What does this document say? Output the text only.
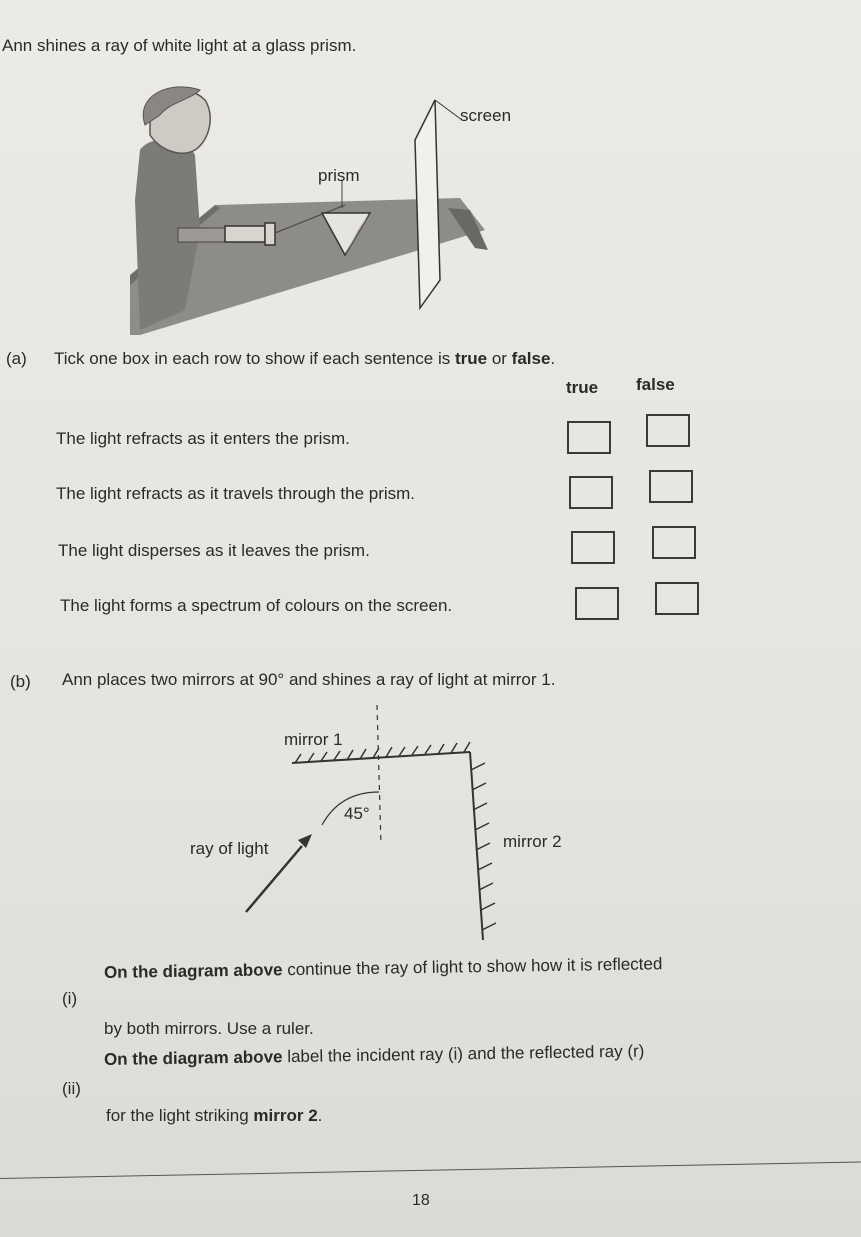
Ann shines a ray of white light at a glass prism.
screen
prism
(a) Tick one box in each row to show if each sentence is true or false.
true false
The light refracts as it enters the prism.
The light refracts as it travels through the prism.
The light disperses as it leaves the prism.
The light forms a spectrum of colours on the screen.
(b) Ann places two mirrors at 90° and shines a ray of light at mirror 1.
mirror 1
45°
ray of light	mirror 2
(i)
On the diagram above continue the ray of light to show how it is reflected
by both mirrors. Use a ruler.
(ii)
On the diagram above label the incident ray (i) and the reflected ray (r)
for the light striking mirror 2.
18
